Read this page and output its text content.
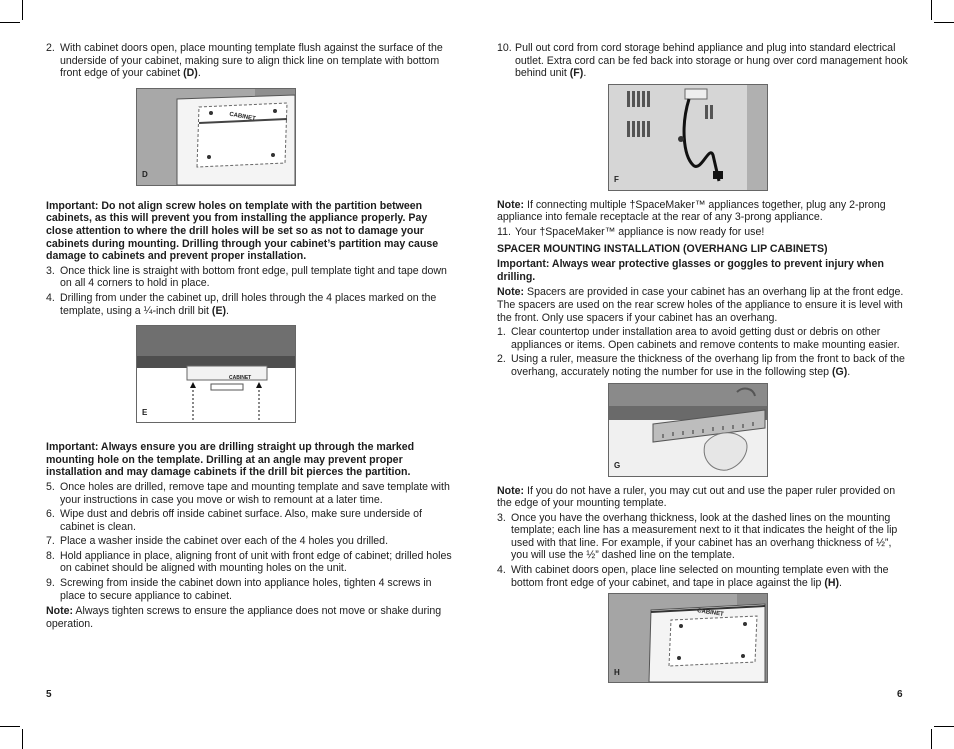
2. With cabinet doors open, place mounting template flush against the surface of the underside of your cabinet, making sure to align thick line on template with bottom front edge of your cabinet (D).

CABINET
D

Important: Do not align screw holes on template with the partition between cabinets, as this will prevent you from installing the appliance properly. Pay close attention to where the drill holes will be set so as not to damage your cabinets during mounting. Drilling through your cabinet’s partition may cause damage to cabinets and prevent proper installation.

3. Once thick line is straight with bottom front edge, pull template tight and tape down on all 4 corners to hold in place.

4. Drilling from under the cabinet up, drill holes through the 4 places marked on the template, using a ¼-inch drill bit (E).

CABINET
E

Important: Always ensure you are drilling straight up through the marked mounting hole on the template. Drilling at an angle may prevent proper installation and may damage cabinets if the drill bit pierces the partition.

5. Once holes are drilled, remove tape and mounting template and save template with your instructions in case you move or wish to remount at a later time.

6. Wipe dust and debris off inside cabinet surface. Also, make sure underside of cabinet is clean.

7. Place a washer inside the cabinet over each of the 4 holes you drilled.

8. Hold appliance in place, aligning front of unit with front edge of cabinet; drilled holes on cabinet should be aligned with mounting holes on the unit.

9. Screwing from inside the cabinet down into appliance holes, tighten 4 screws in place to secure appliance to cabinet.

Note: Always tighten screws to ensure the appliance does not move or shake during operation.

5

10. Pull out cord from cord storage behind appliance and plug into standard electrical outlet. Extra cord can be fed back into storage or hung over cord management hook behind unit (F).

F

Note: If connecting multiple †SpaceMaker™ appliances together, plug any 2-prong appliance into female receptacle at the rear of any 3-prong appliance.

11. Your †SpaceMaker™ appliance is now ready for use!

SPACER MOUNTING INSTALLATION (OVERHANG LIP CABINETS)

Important: Always wear protective glasses or goggles to prevent injury when drilling.

Note: Spacers are provided in case your cabinet has an overhang lip at the front edge. The spacers are used on the rear screw holes of the appliance to ensure it is level with the front. Only use spacers if your cabinet has an overhang.

1. Clear countertop under installation area to avoid getting dust or debris on other appliances or items. Open cabinets and remove contents to make mounting easier.

2. Using a ruler, measure the thickness of the overhang lip from the front to back of the overhang, accurately noting the number for use in the following step (G).

G

Note: If you do not have a ruler, you may cut out and use the paper ruler provided on the edge of your mounting template.

3. Once you have the overhang thickness, look at the dashed lines on the mounting template; each line has a measurement next to it that indicates the height of the lip used with that line. For example, if your cabinet has an overhang thickness of ½”, you will use the ½” dashed line on the template.

4. With cabinet doors open, place line selected on mounting template even with the bottom front edge of your cabinet, and tape in place against the lip (H).

CABINET
H
6
